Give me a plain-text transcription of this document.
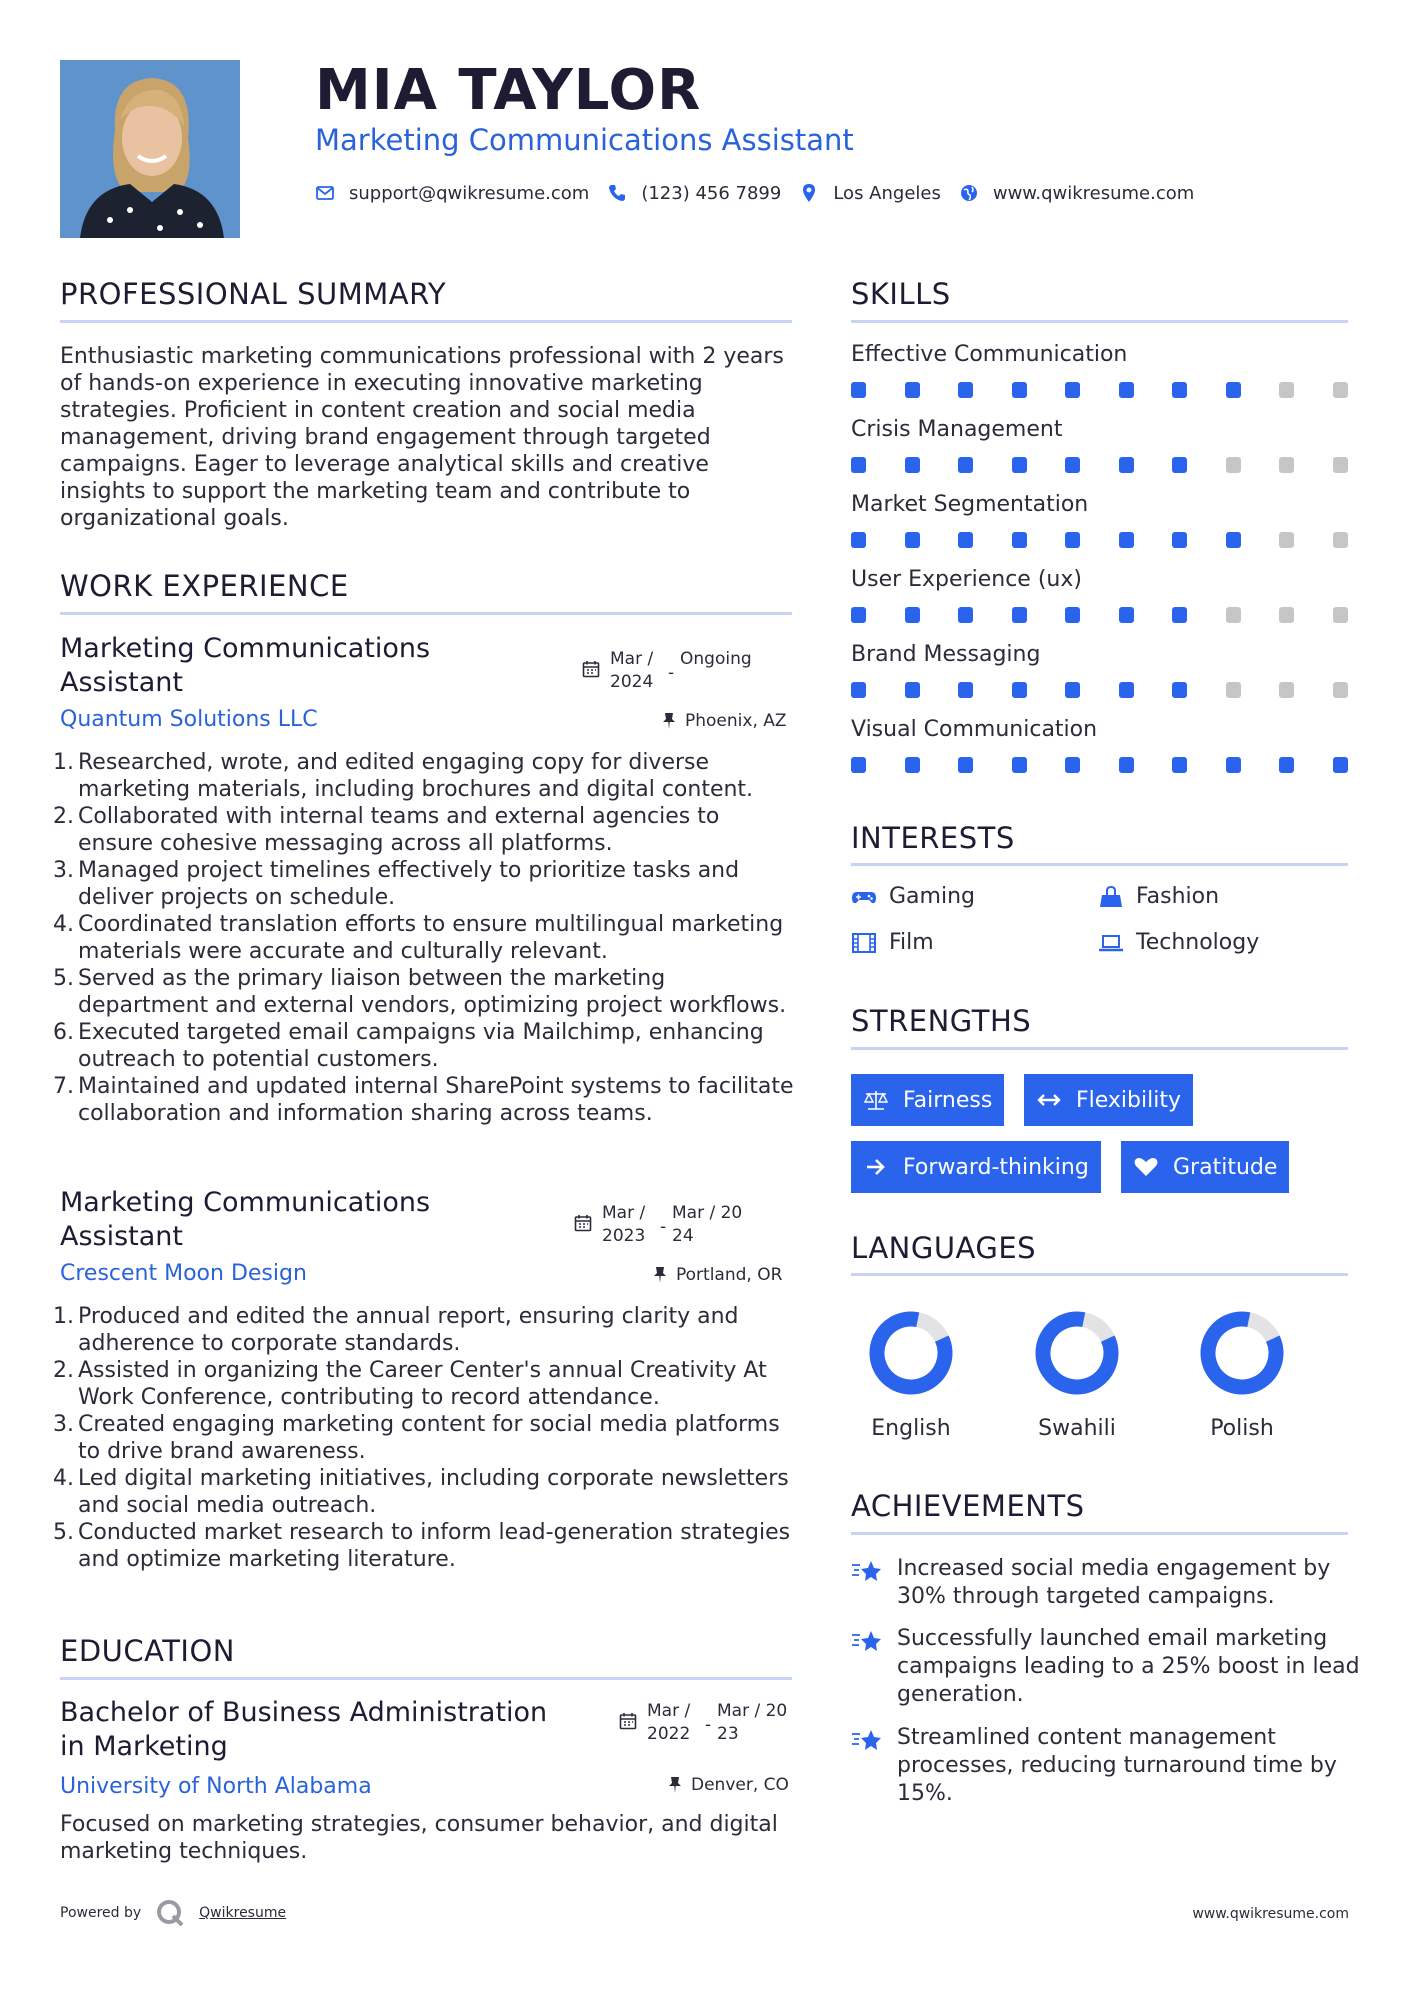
MIA TAYLOR
Marketing Communications Assistant
support@qwikresume.com	(123) 456 7899	Los Angeles	www.qwikresume.com
PROFESSIONAL SUMMARY
Enthusiastic marketing communications professional with 2 years of hands-on experience in executing innovative marketing strategies. Proficient in content creation and social media management, driving brand engagement through targeted campaigns. Eager to leverage analytical skills and creative insights to support the marketing team and contribute to organizational goals.
WORK EXPERIENCE
Marketing Communications Assistant
Mar / 2024 -
Ongoing
Quantum Solutions LLC	Phoenix, AZ
1. Researched, wrote, and edited engaging copy for diverse marketing materials, including brochures and digital content.
2. Collaborated with internal teams and external agencies to ensure cohesive messaging across all platforms.
3. Managed project timelines effectively to prioritize tasks and deliver projects on schedule.
4. Coordinated translation efforts to ensure multilingual marketing materials were accurate and culturally relevant.
5. Served as the primary liaison between the marketing department and external vendors, optimizing project workflows.
6. Executed targeted email campaigns via Mailchimp, enhancing outreach to potential customers.
7. Maintained and updated internal SharePoint systems to facilitate collaboration and information sharing across teams.
Marketing Communications Assistant
Mar / 2023 -
Mar / 2024
Crescent Moon Design	Portland, OR
1. Produced and edited the annual report, ensuring clarity and adherence to corporate standards.
2. Assisted in organizing the Career Center's annual Creativity At Work Conference, contributing to record attendance.
3. Created engaging marketing content for social media platforms to drive brand awareness.
4. Led digital marketing initiatives, including corporate newsletters and social media outreach.
5. Conducted market research to inform lead-generation strategies and optimize marketing literature.
EDUCATION
Bachelor of Business Administration in Marketing
Mar / 2022 -
Mar / 2023
University of North Alabama	Denver, CO
Focused on marketing strategies, consumer behavior, and digital marketing techniques.
SKILLS
Effective Communication
Crisis Management
Market Segmentation
User Experience (ux)
Brand Messaging
Visual Communication
INTERESTS
Gaming	Fashion
Film	Technology
STRENGTHS
Fairness	Flexibility
Forward-thinking	Gratitude
LANGUAGES
English	Swahili	Polish
ACHIEVEMENTS
Increased social media engagement by 30% through targeted campaigns.
Successfully launched email marketing campaigns leading to a 25% boost in lead generation.
Streamlined content management processes, reducing turnaround time by 15%.
Powered by	Qwikresume	www.qwikresume.com
